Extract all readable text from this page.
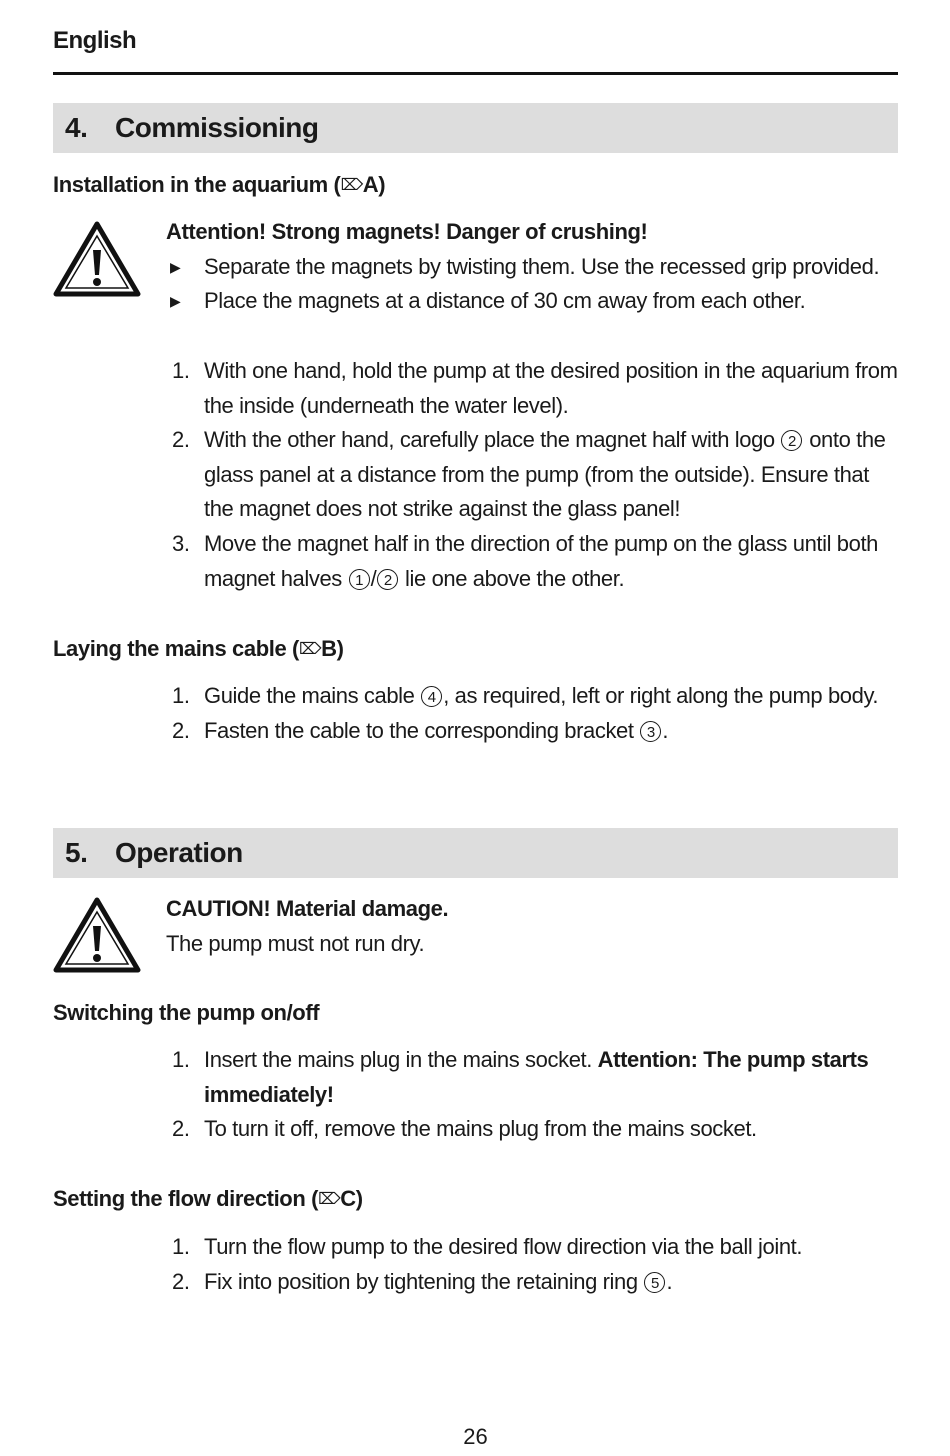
English
4. Commissioning
Installation in the aquarium (⌦A)
Attention! Strong magnets! Danger of crushing!
▶	Separate the magnets by twisting them. Use the recessed grip provided.
▶	Place the magnets at a distance of 30 cm away from each other.
1. With one hand, hold the pump at the desired position in the aquarium from the inside (underneath the water level).
2. With the other hand, carefully place the magnet half with logo 2 onto the glass panel at a distance from the pump (from the outside). Ensure that the magnet does not strike against the glass panel!
3. Move the magnet half in the direction of the pump on the glass until both magnet halves 1 / 2 lie one above the other.
Laying the mains cable (⌦B)
1. Guide the mains cable 4 , as required, left or right along the pump body.
2. Fasten the cable to the corresponding bracket 3 .
5. Operation
CAUTION! Material damage.
The pump must not run dry.
Switching the pump on/off
1. Insert the mains plug in the mains socket. Attention: The pump starts immediately!
2. To turn it off, remove the mains plug from the mains socket.
Setting the flow direction (⌦C)
1. Turn the flow pump to the desired flow direction via the ball joint.
2. Fix into position by tightening the retaining ring 5 .
26
